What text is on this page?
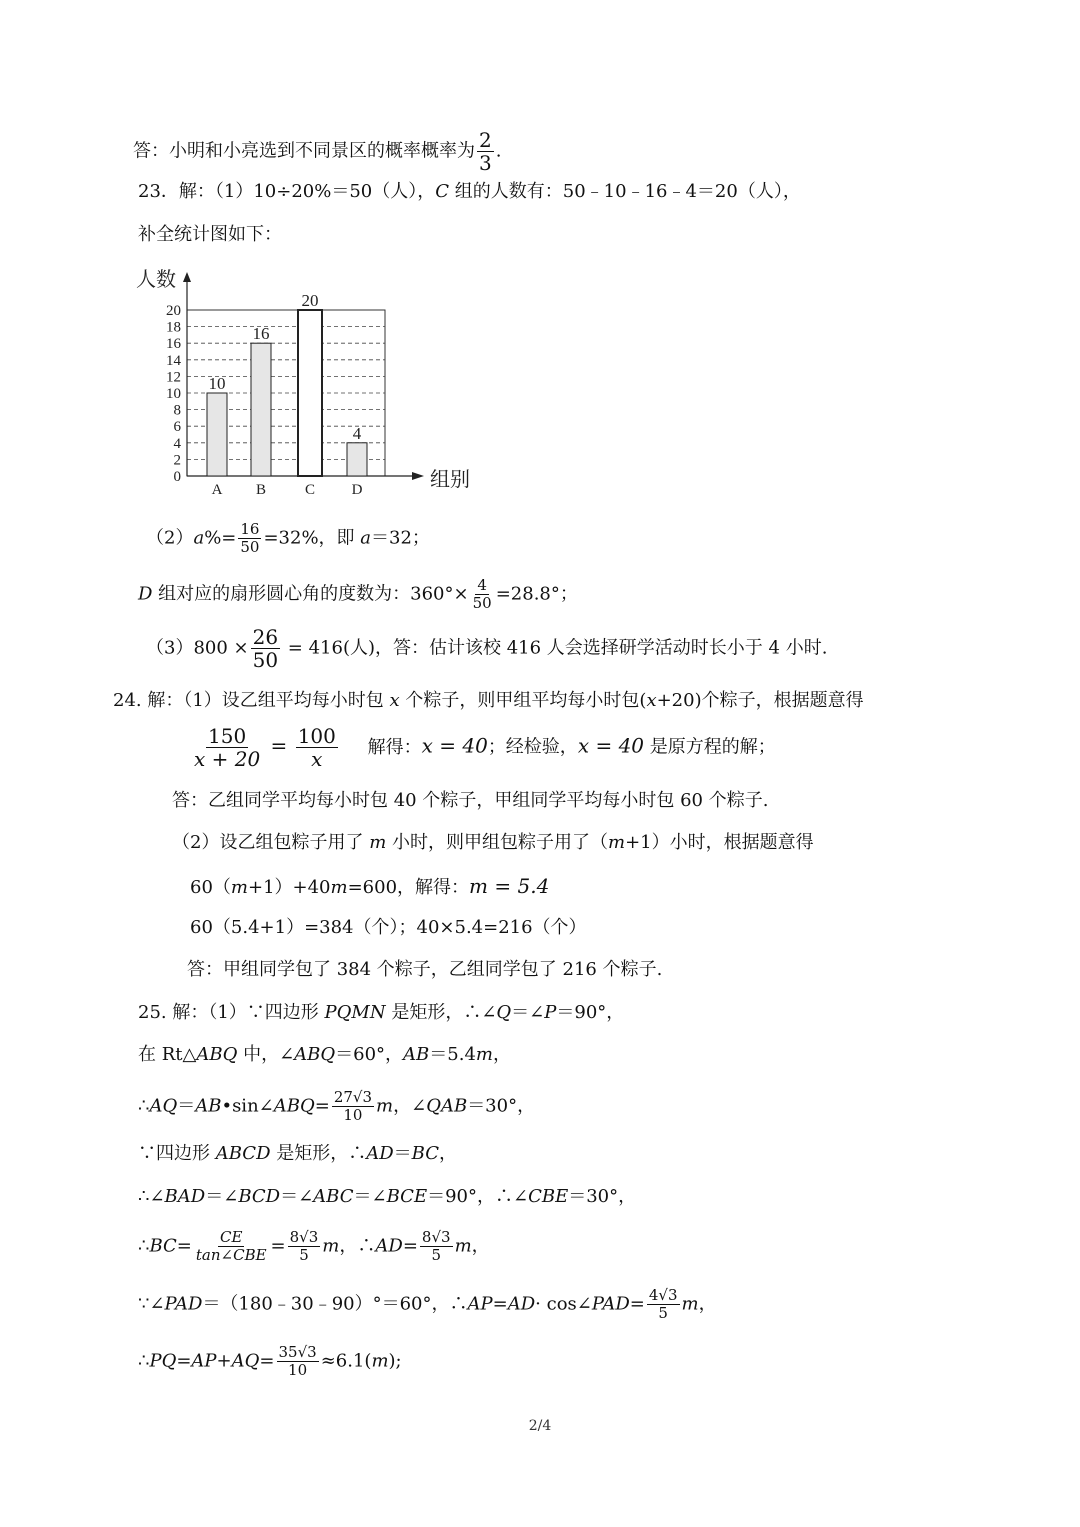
答：小明和小亮选到不同景区的概率概率为 $\frac{2}{3}$ .
23．解：（1）10÷20%＝50（人），C 组的人数有：50﹣10﹣16﹣4＝20（人），
补全统计图如下：
0
2
4
6
8
10
12
14
16
18
20
人数
组别
10
A
16
B
20
C
4
D
$(2)a\%= \frac{16}{50} =32\%$，即 a＝32；
D 组对应的扇形圆心角的度数为：$360^\circ\times \frac{4}{50} =28.8^\circ$；
$(3)800 \times \frac{26}{50} = 416$(人)，答：估计该校 416 人会选择研学活动时长小于 4 小时.
24. 解：（1）设乙组平均每小时包 x 个粽子，则甲组平均每小时包(x+20)个粽子，根据题意得
$\frac{150}{x + 20} = \frac{100}{x}$ 解得：x = 40；经检验，x = 40 是原方程的解；
答：乙组同学平均每小时包 40 个粽子，甲组同学平均每小时包 60 个粽子.
（2）设乙组包粽子用了 m 小时，则甲组包粽子用了（m+1）小时，根据题意得
60（m+1）+40m=600，解得：m = 5.4
60（5.4+1）=384（个）；40×5.4=216（个）
答：甲组同学包了 384 个粽子，乙组同学包了 216 个粽子.
25. 解：（1）∵四边形 PQMN 是矩形，∴∠Q＝∠P＝90°，
在 Rt△ABQ 中，∠ABQ＝60°，AB＝5.4m，
∴AQ＝AB•sin∠ABQ= $\frac{27√3}{10}$ m，∠QAB＝30°，
∵四边形 ABCD 是矩形，∴AD＝BC，
∴∠BAD＝∠BCD＝∠ABC＝∠BCE＝90°，∴∠CBE＝30°，
∴BC= $\frac{CE}{\text{tan∠CBE}} = \frac{8√3}{5}$ m，∴AD= $\frac{8√3}{5}$ m，
∵∠PAD＝（180﹣30﹣90）°＝60°，∴AP=AD· cos∠PAD= $\frac{4√3}{5}$ m，
∴PQ=AP+AQ= $\frac{35√3}{10} \approx 6.1(m)$;
2/4
